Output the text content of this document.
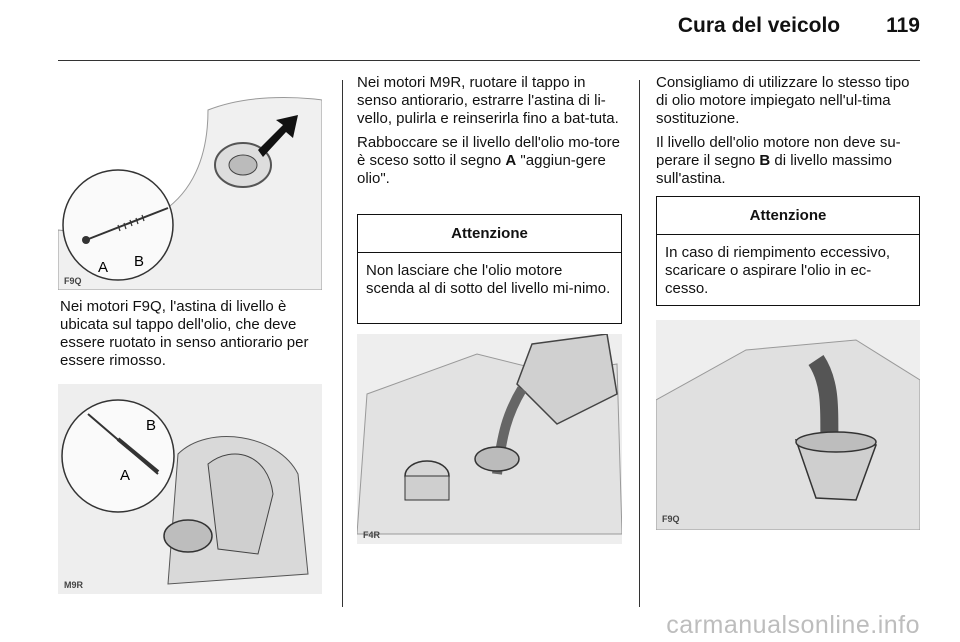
Cura del veicolo 119
A B
F9Q

Nei motori F9Q, l'astina di livello è ubicata sul tappo dell'olio, che deve essere ruotato in senso antiorario per essere rimosso.

B
A
M9R

Nei motori M9R, ruotare il tappo in senso antiorario, estrarre l'astina di li-vello, pulirla e reinserirla fino a bat-tuta.

Rabboccare se il livello dell'olio mo-tore è sceso sotto il segno A "aggiun-gere olio".

Attenzione
Non lasciare che l'olio motore scenda al di sotto del livello mi-nimo.
F4R

Consigliamo di utilizzare lo stesso tipo di olio motore impiegato nell'ul-tima sostituzione.

Il livello dell'olio motore non deve su-perare il segno B di livello massimo sull'astina.

Attenzione
In caso di riempimento eccessivo, scaricare o aspirare l'olio in ec-cesso.
F9Q
carmanualsonline.info
